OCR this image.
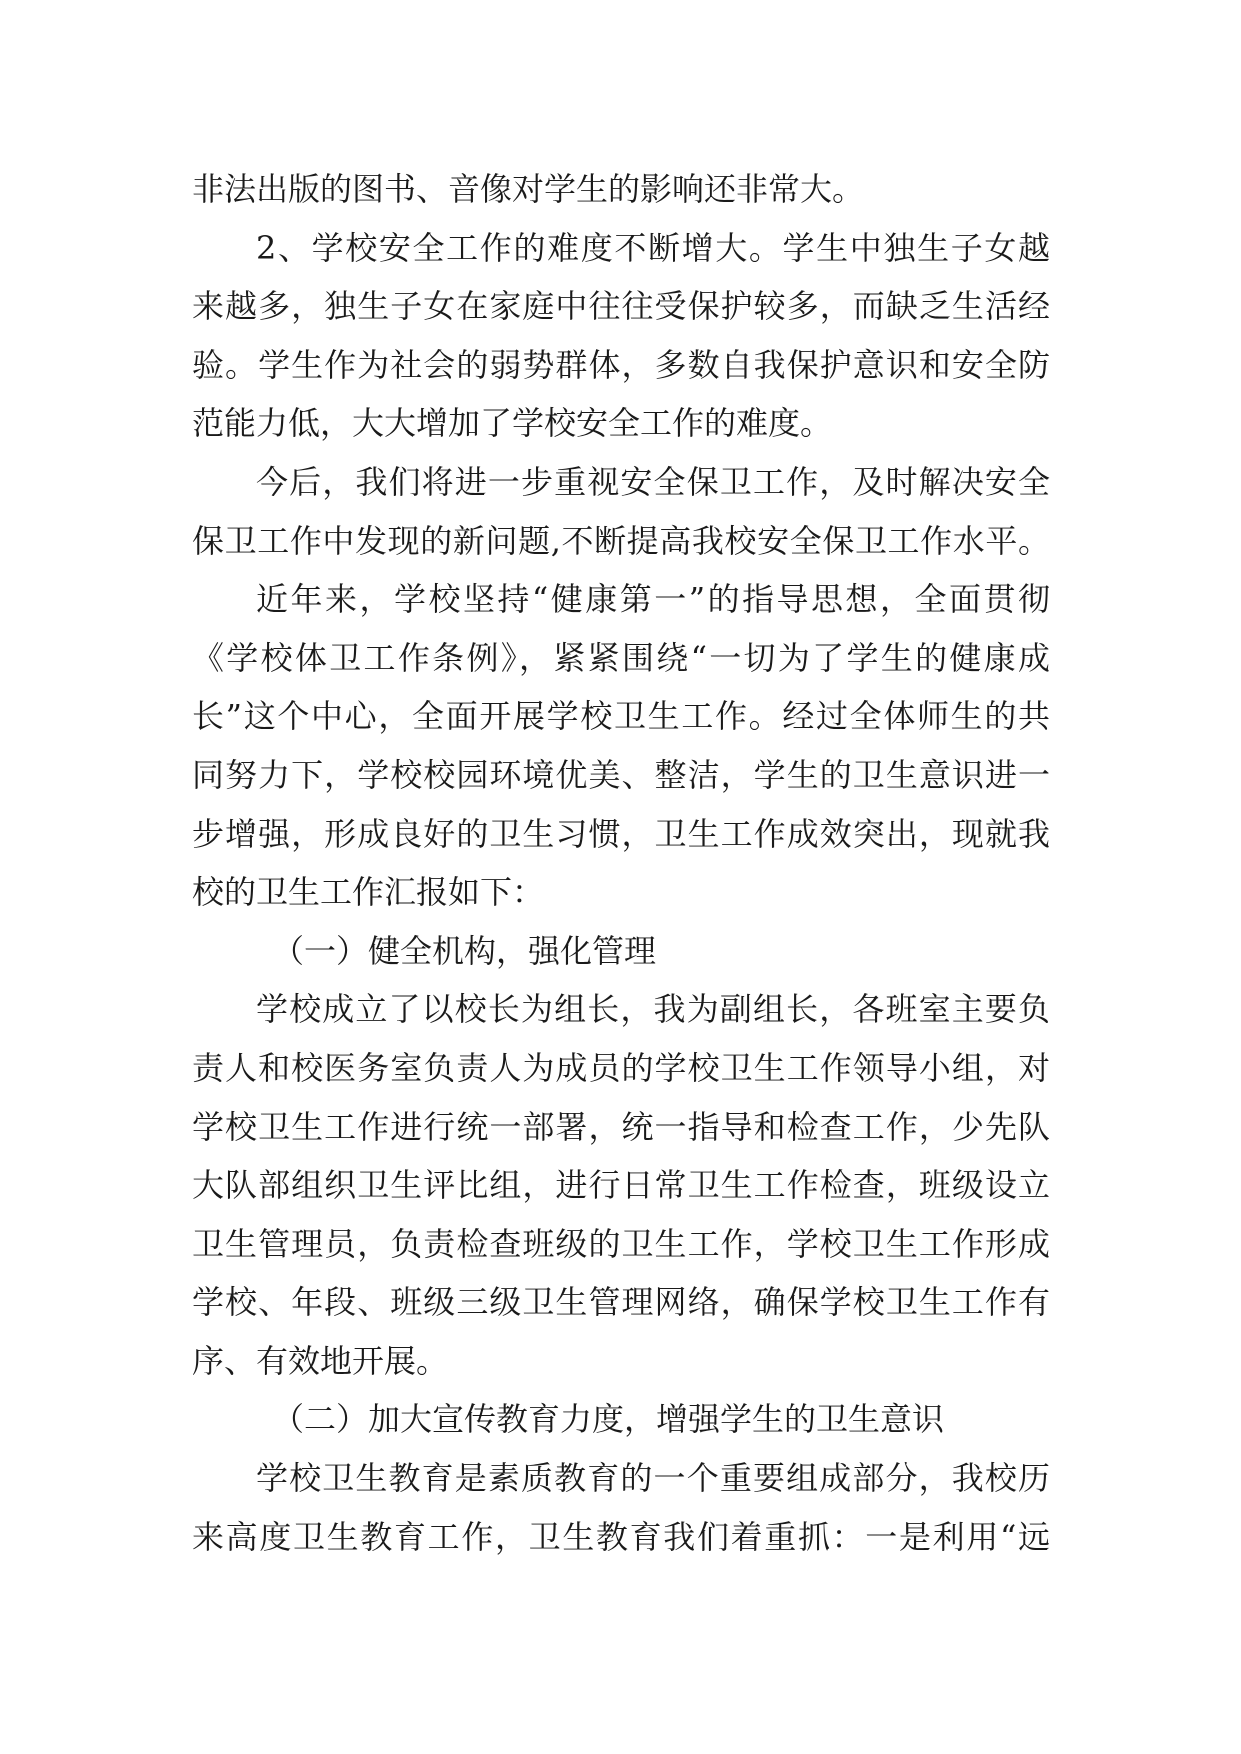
非法出版的图书、音像对学生的影响还非常大。
2、学校安全工作的难度不断增大。学生中独生子女越
来越多，独生子女在家庭中往往受保护较多，而缺乏生活经
验。学生作为社会的弱势群体，多数自我保护意识和安全防
范能力低，大大增加了学校安全工作的难度。
今后，我们将进一步重视安全保卫工作，及时解决安全
保卫工作中发现的新问题,不断提高我校安全保卫工作水平。
近年来，学校坚持“健康第一”的指导思想，全面贯彻
《学校体卫工作条例》，紧紧围绕“一切为了学生的健康成
长”这个中心，全面开展学校卫生工作。经过全体师生的共
同努力下，学校校园环境优美、整洁，学生的卫生意识进一
步增强，形成良好的卫生习惯，卫生工作成效突出，现就我
校的卫生工作汇报如下：
（一）健全机构，强化管理
学校成立了以校长为组长，我为副组长，各班室主要负
责人和校医务室负责人为成员的学校卫生工作领导小组，对
学校卫生工作进行统一部署，统一指导和检查工作，少先队
大队部组织卫生评比组，进行日常卫生工作检查，班级设立
卫生管理员，负责检查班级的卫生工作，学校卫生工作形成
学校、年段、班级三级卫生管理网络，确保学校卫生工作有
序、有效地开展。
（二）加大宣传教育力度，增强学生的卫生意识
学校卫生教育是素质教育的一个重要组成部分，我校历
来高度卫生教育工作，卫生教育我们着重抓：一是利用“远
